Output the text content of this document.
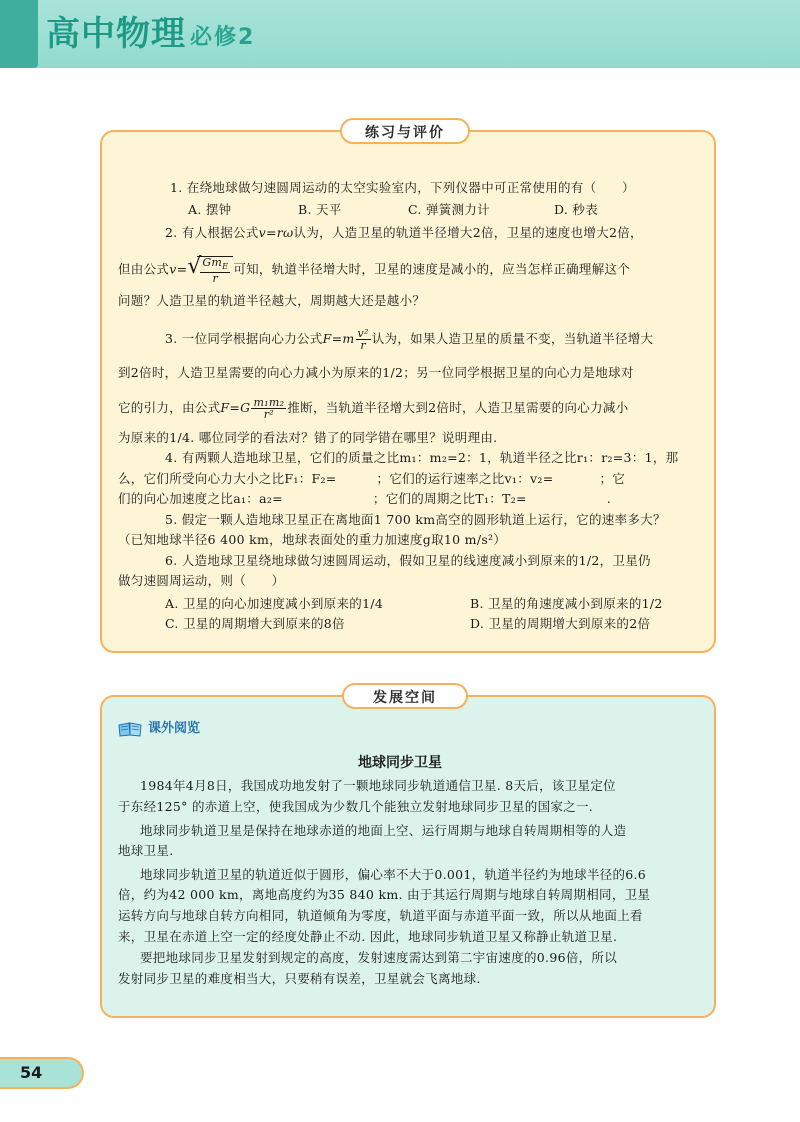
高中物理 必修2
练习与评价
1. 在绕地球做匀速圆周运动的太空实验室内，下列仪器中可正常使用的有（　　）
A. 摆钟	B. 天平	C. 弹簧测力计	D. 秒表
2. 有人根据公式v=rω认为，人造卫星的轨道半径增大2倍，卫星的速度也增大2倍，
但由公式v= √
$\frac{Gm_E}{r}$ 可知，轨道半径增大时，卫星的速度是减小的，应当怎样正确理解这个
问题？人造卫星的轨道半径越大，周期越大还是越小？
3. 一位同学根据向心力公式$F=m \frac{\text{v²}}{r}$ 认为，如果人造卫星的质量不变，当轨道半径增大
到2倍时，人造卫星需要的向心力减小为原来的1/2；另一位同学根据卫星的向心力是地球对
它的引力，由公式$F=G \frac{\text{m₁m₂}}{\text{r²}}$ 推断，当轨道半径增大到2倍时，人造卫星需要的向心力减小
为原来的1/4. 哪位同学的看法对？错了的同学错在哪里？说明理由.
4. 有两颗人造地球卫星，它们的质量之比m₁：m₂=2：1，轨道半径之比r₁：r₂=3：1，那
么，它们所受向心力大小之比F₁：F₂=	；它们的运行速率之比v₁：v₂=	；它
们的向心加速度之比a₁：a₂=	；它们的周期之比T₁：T₂=	.
5. 假定一颗人造地球卫星正在离地面1 700 km高空的圆形轨道上运行，它的速率多大？
（已知地球半径6 400 km，地球表面处的重力加速度g取10 m/s²）
6. 人造地球卫星绕地球做匀速圆周运动，假如卫星的线速度减小到原来的1/2，卫星仍
做匀速圆周运动，则（　　）
A. 卫星的向心加速度减小到原来的1/4	B. 卫星的角速度减小到原来的1/2
C. 卫星的周期增大到原来的8倍	D. 卫星的周期增大到原来的2倍
发展空间
课外阅览
地球同步卫星
1984年4月8日，我国成功地发射了一颗地球同步轨道通信卫星. 8天后，该卫星定位
于东经125° 的赤道上空，使我国成为少数几个能独立发射地球同步卫星的国家之一.
地球同步轨道卫星是保持在地球赤道的地面上空、运行周期与地球自转周期相等的人造
地球卫星.
地球同步轨道卫星的轨道近似于圆形，偏心率不大于0.001，轨道半径约为地球半径的6.6
倍，约为42 000 km，离地高度约为35 840 km. 由于其运行周期与地球自转周期相同，卫星
运转方向与地球自转方向相同，轨道倾角为零度，轨道平面与赤道平面一致，所以从地面上看
来，卫星在赤道上空一定的经度处静止不动. 因此，地球同步轨道卫星又称静止轨道卫星.
要把地球同步卫星发射到规定的高度，发射速度需达到第二宇宙速度的0.96倍，所以
发射同步卫星的难度相当大，只要稍有误差，卫星就会飞离地球.
54
